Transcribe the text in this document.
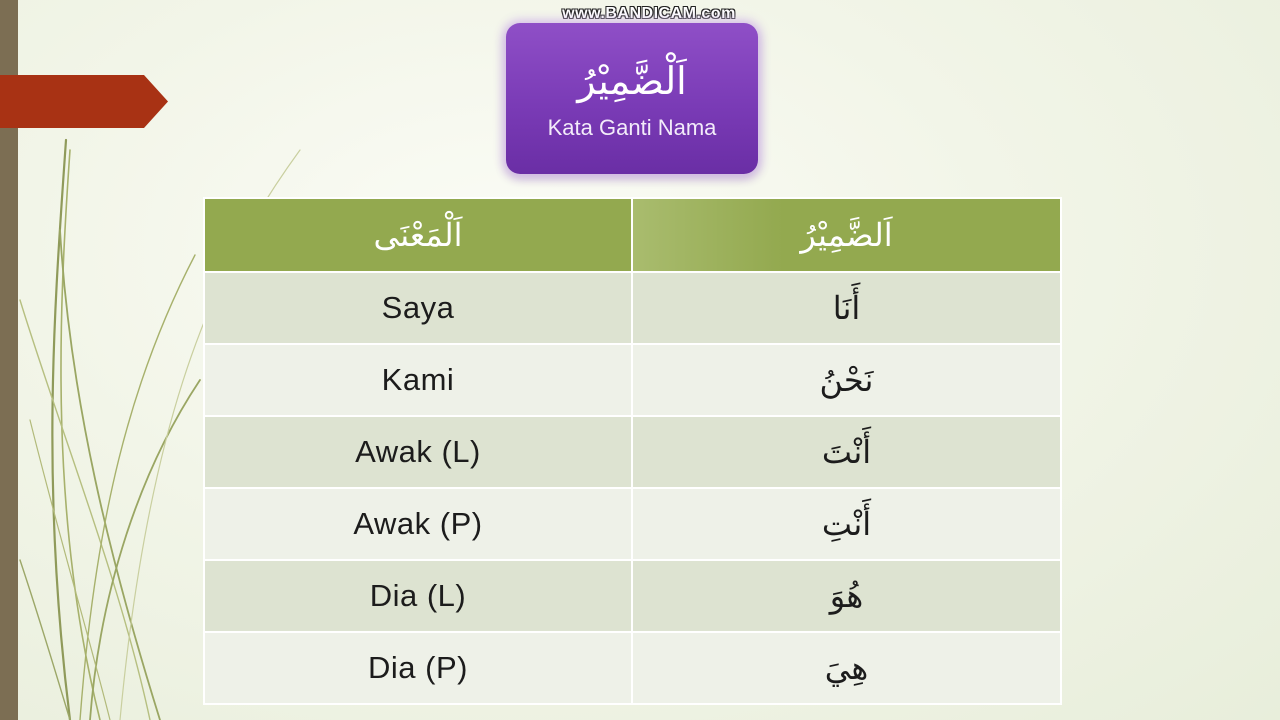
www.BANDICAM.com
اَلْضَّمِيْرُ
Kata Ganti Nama
اَلْمَعْنَى	اَلضَّمِيْرُ
Saya	أَنَا
Kami	نَحْنُ
Awak (L)	أَنْتَ
Awak (P)	أَنْتِ
Dia (L)	هُوَ
Dia (P)	هِيَ
